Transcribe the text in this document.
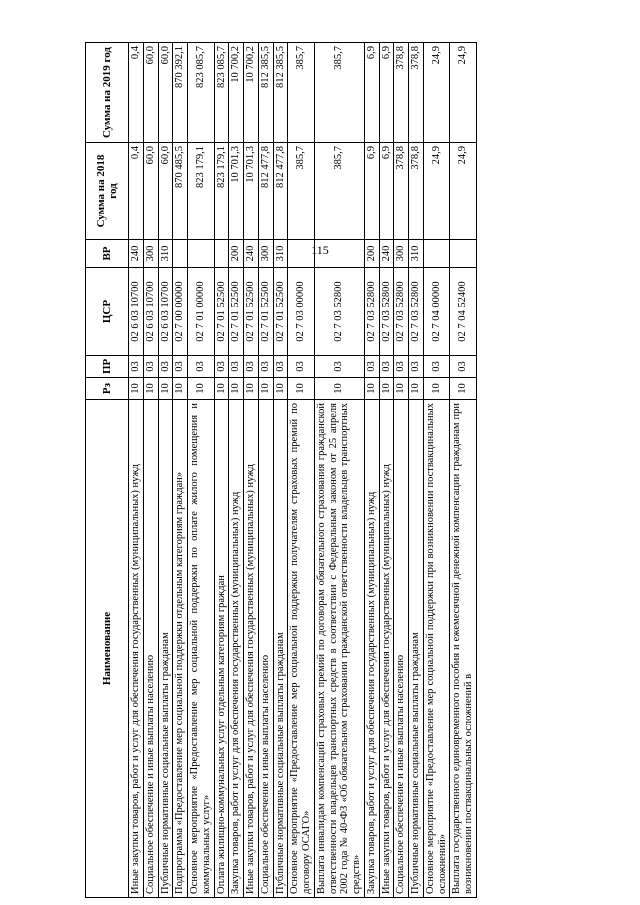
115
Наименование	Рз	ПР	ЦСР	ВР	Сумма на 2018 год	Сумма на 2019 год
Иные закупки товаров, работ и услуг для обеспечения государственных (муниципальных) нужд	10	03	02 6 03 10700	240	0,4	0,4
Социальное обеспечение и иные выплаты населению	10	03	02 6 03 10700	300	60,0	60,0
Публичные нормативные социальные выплаты гражданам	10	03	02 6 03 10700	310	60,0	60,0
Подпрограмма «Предоставление мер социальной поддержки отдельным категориям граждан»	10	03	02 7 00 00000		870 485,5	870 392,1
Основное мероприятие «Предоставление мер социальной поддержки по оплате жилого помещения и коммунальных услуг»	10	03	02 7 01 00000		823 179,1	823 085,7
Оплата жилищно-коммунальных услуг отдельным категориям граждан	10	03	02 7 01 52500		823 179,1	823 085,7
Закупка товаров, работ и услуг для обеспечения государственных (муниципальных) нужд	10	03	02 7 01 52500	200	10 701,3	10 700,2
Иные закупки товаров, работ и услуг для обеспечения государственных (муниципальных) нужд	10	03	02 7 01 52500	240	10 701,3	10 700,2
Социальное обеспечение и иные выплаты населению	10	03	02 7 01 52500	300	812 477,8	812 385,5
Публичные нормативные социальные выплаты гражданам	10	03	02 7 01 52500	310	812 477,8	812 385,5
Основное мероприятие «Предоставление мер социальной поддержки получателям страховых премий по договору ОСАГО»	10	03	02 7 03 00000		385,7	385,7
Выплата инвалидам компенсаций страховых премий по договорам обязательного страхования гражданской ответственности владельцев транспортных средств в соответствии с Федеральным законом от 25 апреля 2002 года № 40-ФЗ «Об обязательном страховании гражданской ответственности владельцев транспортных средств»	10	03	02 7 03 52800		385,7	385,7
Закупка товаров, работ и услуг для обеспечения государственных (муниципальных) нужд	10	03	02 7 03 52800	200	6,9	6,9
Иные закупки товаров, работ и услуг для обеспечения государственных (муниципальных) нужд	10	03	02 7 03 52800	240	6,9	6,9
Социальное обеспечение и иные выплаты населению	10	03	02 7 03 52800	300	378,8	378,8
Публичные нормативные социальные выплаты гражданам	10	03	02 7 03 52800	310	378,8	378,8
Основное мероприятие «Предоставление мер социальной поддержки при возникновении поствакцинальных осложнений»	10	03	02 7 04 00000		24,9	24,9
Выплата государственного единовременного пособия и ежемесячной денежной компенсации гражданам при возникновении поствакцинальных осложнений в	10	03	02 7 04 52400		24,9	24,9
